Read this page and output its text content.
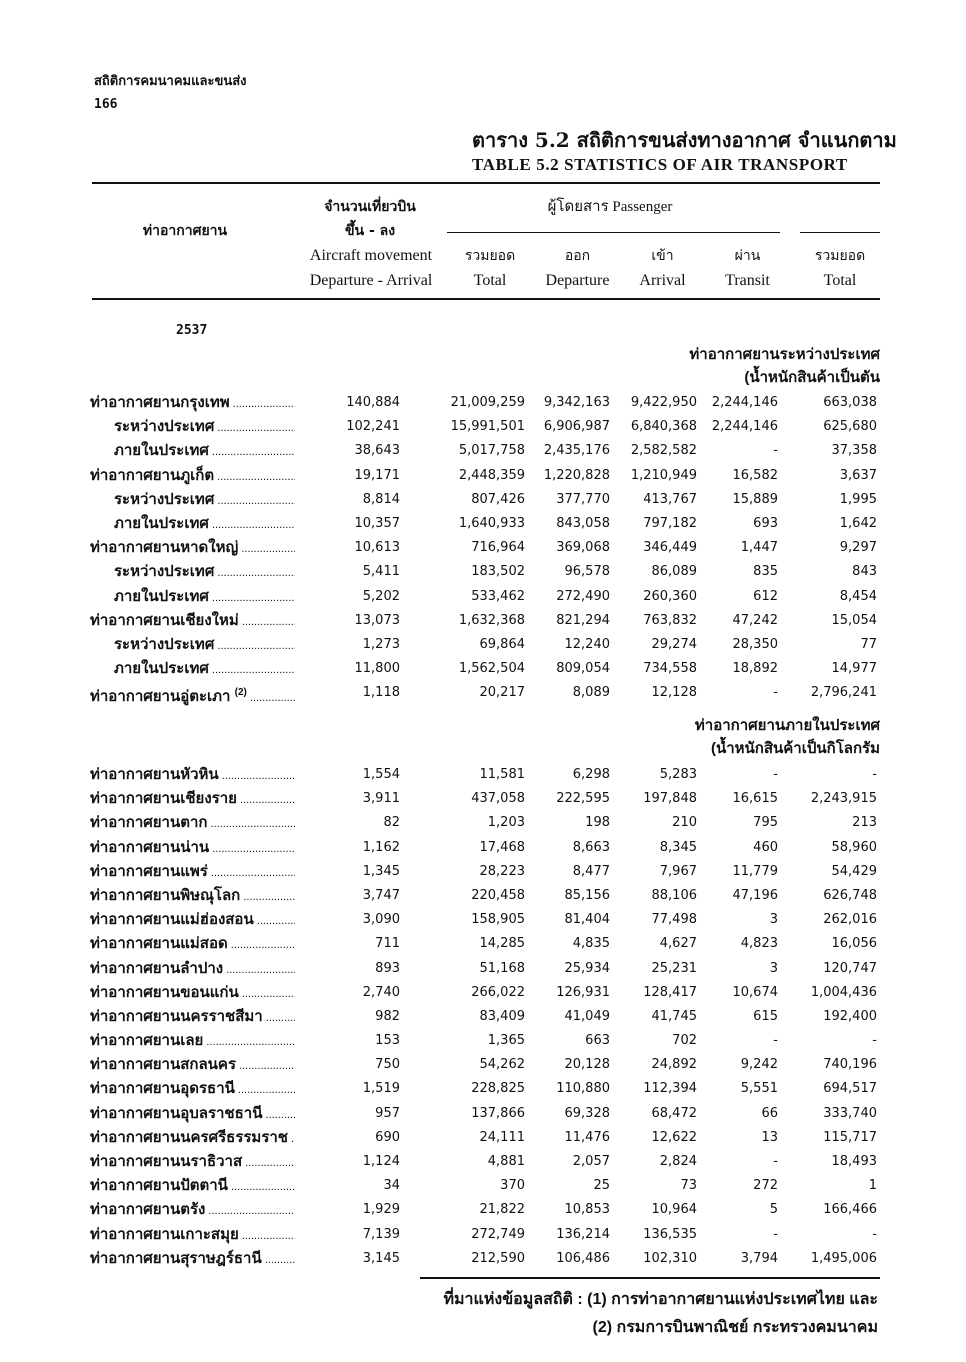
สถิติการคมนาคมและขนส่ง
166
ตาราง 5.2 สถิติการขนส่งทางอากาศ จำแนกตาม
TABLE 5.2 STATISTICS OF AIR TRANSPORT
ท่าอากาศยาน
จำนวนเที่ยวบิน
ขึ้น - ลง
Aircraft movement
Departure - Arrival
ผู้โดยสาร Passenger
รวมยอด
Total
ออก
Departure
เข้า
Arrival
ผ่าน
Transit
รวมยอด
Total
2537
ท่าอากาศยานระหว่างประเทศ
(น้ำหนักสินค้าเป็นตัน
ท่าอากาศยานกรุงเทพ .....	140,884	21,009,259	9,342,163	9,422,950	2,244,146	663,038
ระหว่างประเทศ .....	102,241	15,991,501	6,906,987	6,840,368	2,244,146	625,680
ภายในประเทศ .....	38,643	5,017,758	2,435,176	2,582,582	-	37,358
ท่าอากาศยานภูเก็ต .....	19,171	2,448,359	1,220,828	1,210,949	16,582	3,637
ระหว่างประเทศ .....	8,814	807,426	377,770	413,767	15,889	1,995
ภายในประเทศ .....	10,357	1,640,933	843,058	797,182	693	1,642
ท่าอากาศยานหาดใหญ่ .....	10,613	716,964	369,068	346,449	1,447	9,297
ระหว่างประเทศ .....	5,411	183,502	96,578	86,089	835	843
ภายในประเทศ .....	5,202	533,462	272,490	260,360	612	8,454
ท่าอากาศยานเชียงใหม่ .....	13,073	1,632,368	821,294	763,832	47,242	15,054
ระหว่างประเทศ .....	1,273	69,864	12,240	29,274	28,350	77
ภายในประเทศ .....	11,800	1,562,504	809,054	734,558	18,892	14,977
ท่าอากาศยานอู่ตะเภา $^{(2)}$ .....	1,118	20,217	8,089	12,128	-	2,796,241
ท่าอากาศยานภายในประเทศ
(น้ำหนักสินค้าเป็นกิโลกรัม
ท่าอากาศยานหัวหิน .....	1,554	11,581	6,298	5,283	-	-
ท่าอากาศยานเชียงราย .....	3,911	437,058	222,595	197,848	16,615	2,243,915
ท่าอากาศยานตาก .....	82	1,203	198	210	795	213
ท่าอากาศยานน่าน .....	1,162	17,468	8,663	8,345	460	58,960
ท่าอากาศยานแพร่ .....	1,345	28,223	8,477	7,967	11,779	54,429
ท่าอากาศยานพิษณุโลก .....	3,747	220,458	85,156	88,106	47,196	626,748
ท่าอากาศยานแม่ฮ่องสอน .....	3,090	158,905	81,404	77,498	3	262,016
ท่าอากาศยานแม่สอด .....	711	14,285	4,835	4,627	4,823	16,056
ท่าอากาศยานลำปาง .....	893	51,168	25,934	25,231	3	120,747
ท่าอากาศยานขอนแก่น .....	2,740	266,022	126,931	128,417	10,674	1,004,436
ท่าอากาศยานนครราชสีมา .....	982	83,409	41,049	41,745	615	192,400
ท่าอากาศยานเลย .....	153	1,365	663	702	-	-
ท่าอากาศยานสกลนคร .....	750	54,262	20,128	24,892	9,242	740,196
ท่าอากาศยานอุดรธานี .....	1,519	228,825	110,880	112,394	5,551	694,517
ท่าอากาศยานอุบลราชธานี .....	957	137,866	69,328	68,472	66	333,740
ท่าอากาศยานนครศรีธรรมราช .....	690	24,111	11,476	12,622	13	115,717
ท่าอากาศยานนราธิวาส .....	1,124	4,881	2,057	2,824	-	18,493
ท่าอากาศยานปัตตานี .....	34	370	25	73	272	1
ท่าอากาศยานตรัง .....	1,929	21,822	10,853	10,964	5	166,466
ท่าอากาศยานเกาะสมุย .....	7,139	272,749	136,214	136,535	-	-
ท่าอากาศยานสุราษฎร์ธานี .....	3,145	212,590	106,486	102,310	3,794	1,495,006
ที่มาแห่งข้อมูลสถิติ : (1) การท่าอากาศยานแห่งประเทศไทย และ
(2) กรมการบินพาณิชย์ กระทรวงคมนาคม
